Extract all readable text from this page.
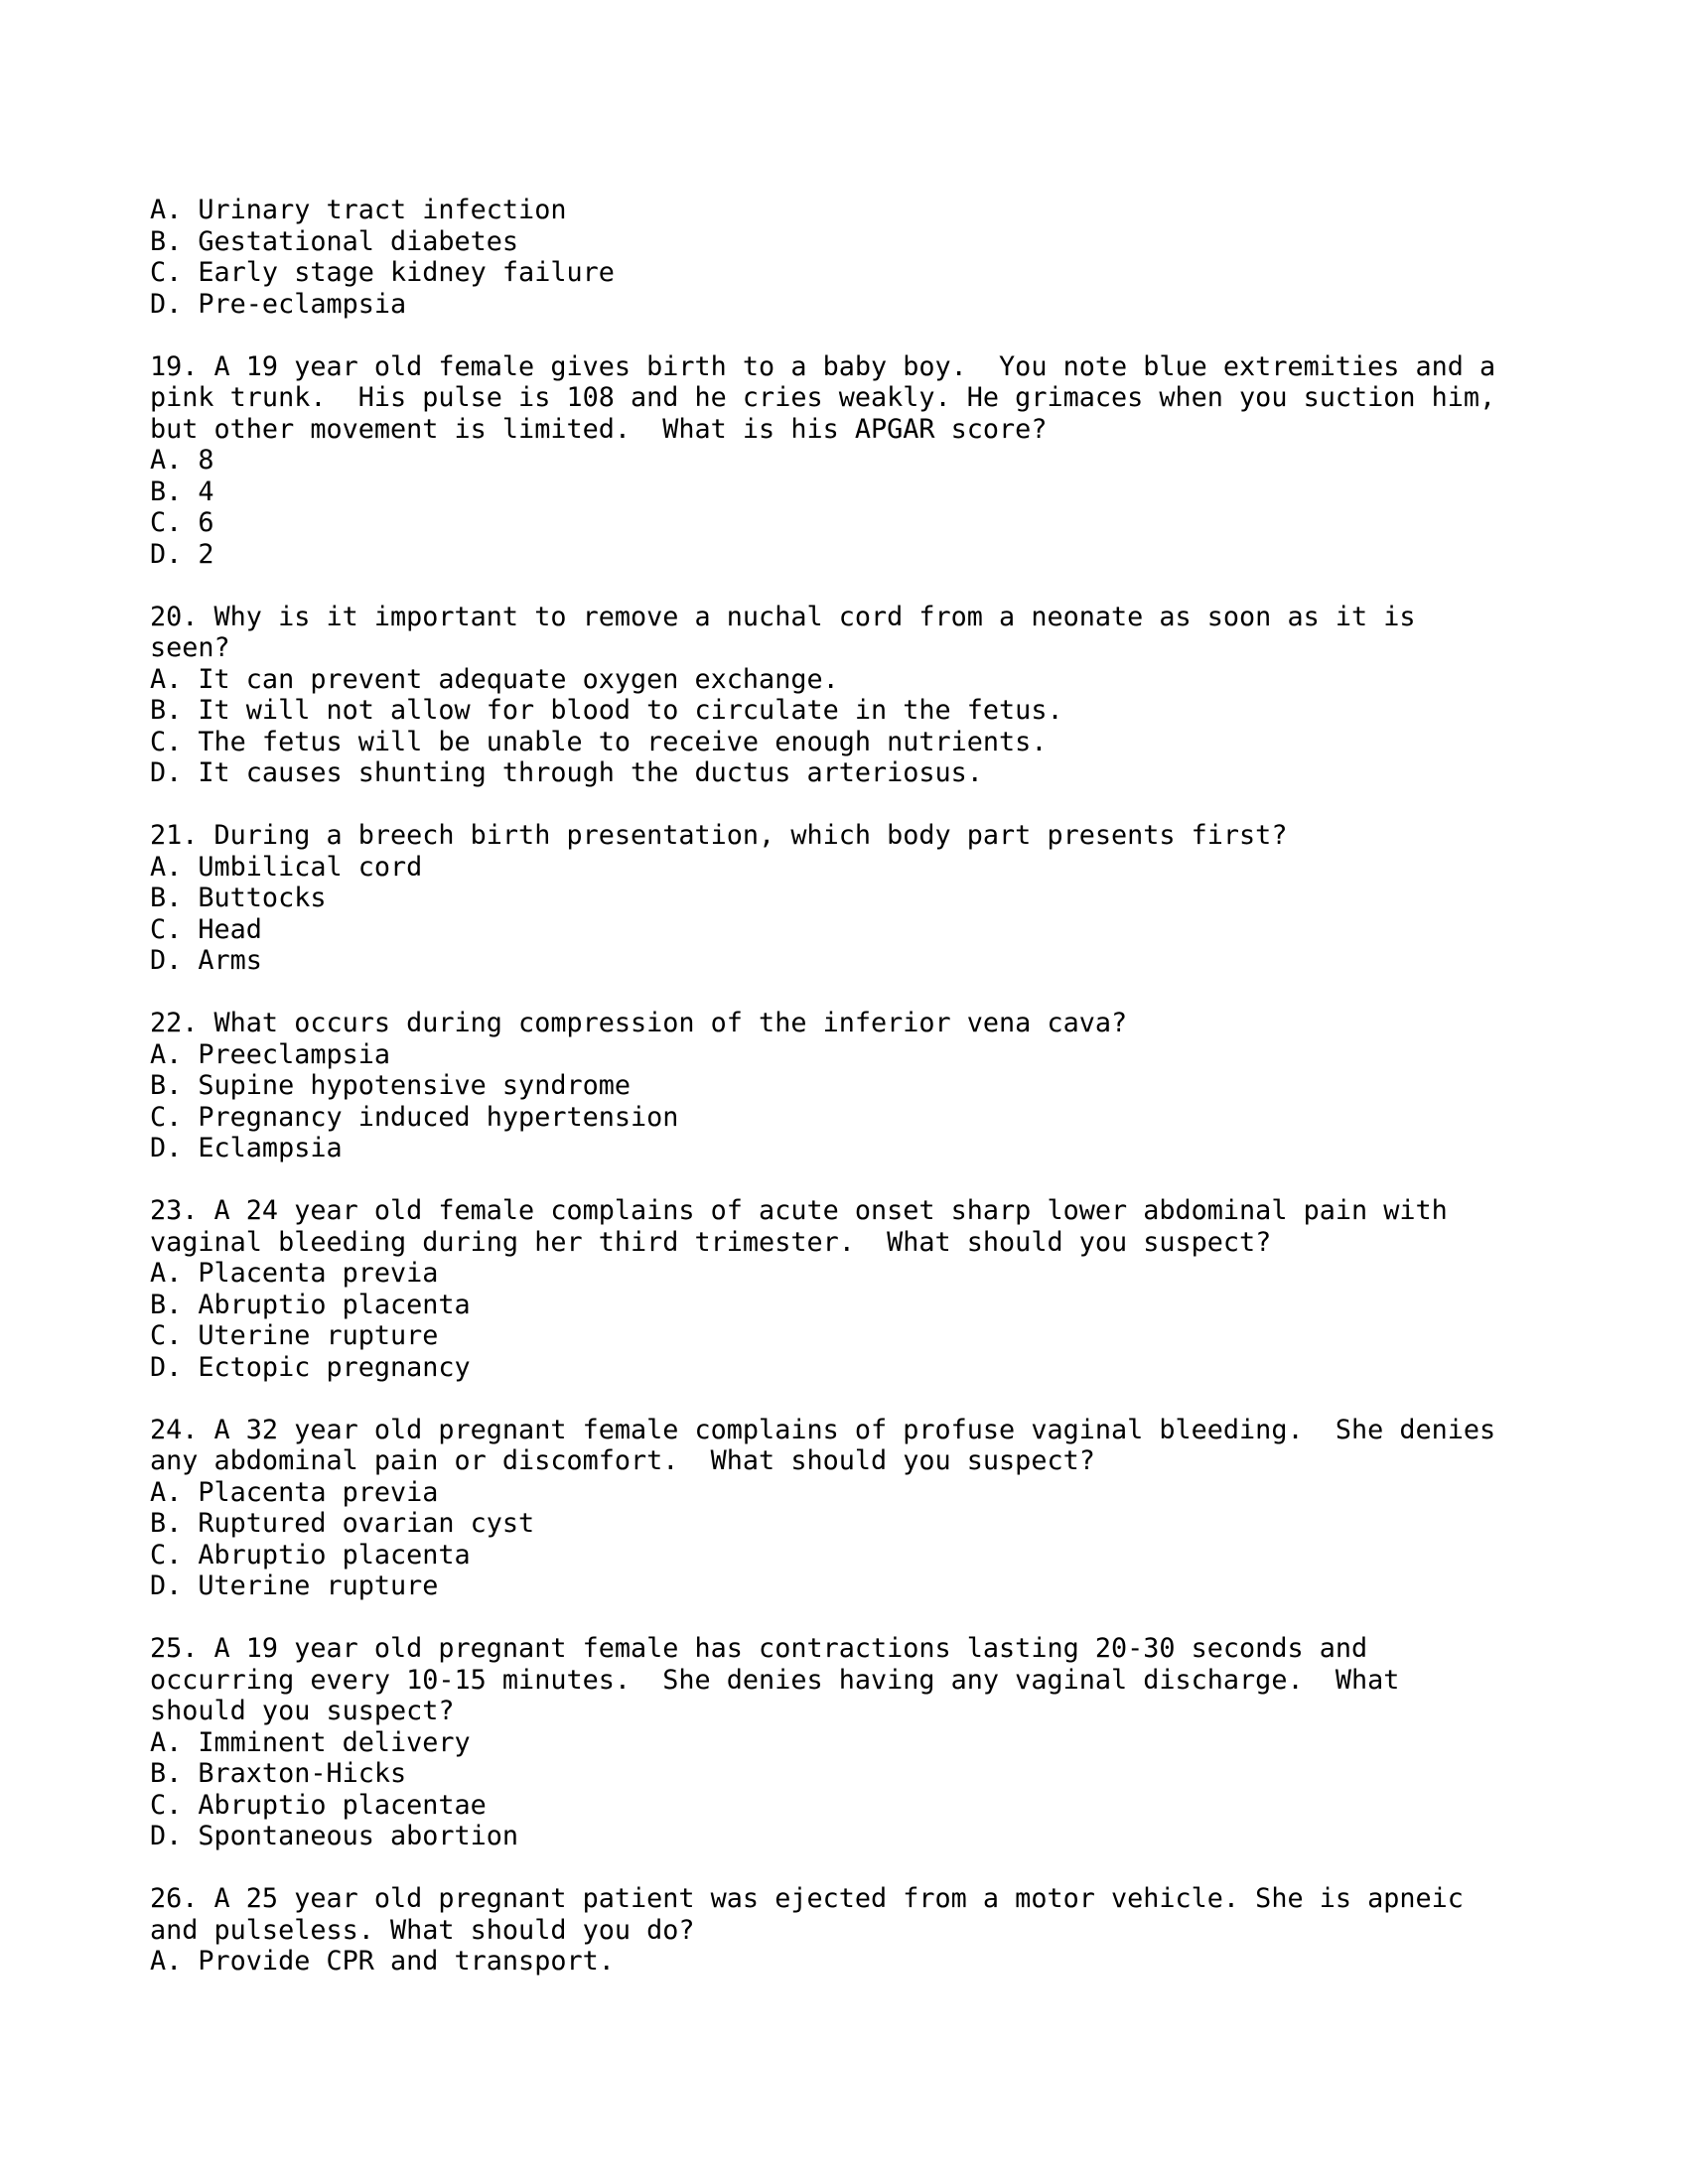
A. Urinary tract infection
B. Gestational diabetes
C. Early stage kidney failure
D. Pre-eclampsia
19. A 19 year old female gives birth to a baby boy.  You note blue extremities and a
pink trunk.  His pulse is 108 and he cries weakly. He grimaces when you suction him,
but other movement is limited.  What is his APGAR score?
A. 8
B. 4
C. 6
D. 2
20. Why is it important to remove a nuchal cord from a neonate as soon as it is
seen?
A. It can prevent adequate oxygen exchange.
B. It will not allow for blood to circulate in the fetus.
C. The fetus will be unable to receive enough nutrients.
D. It causes shunting through the ductus arteriosus.
21. During a breech birth presentation, which body part presents first?
A. Umbilical cord
B. Buttocks
C. Head
D. Arms
22. What occurs during compression of the inferior vena cava?
A. Preeclampsia
B. Supine hypotensive syndrome
C. Pregnancy induced hypertension
D. Eclampsia
23. A 24 year old female complains of acute onset sharp lower abdominal pain with
vaginal bleeding during her third trimester.  What should you suspect?
A. Placenta previa
B. Abruptio placenta
C. Uterine rupture
D. Ectopic pregnancy
24. A 32 year old pregnant female complains of profuse vaginal bleeding.  She denies
any abdominal pain or discomfort.  What should you suspect?
A. Placenta previa
B. Ruptured ovarian cyst
C. Abruptio placenta
D. Uterine rupture
25. A 19 year old pregnant female has contractions lasting 20-30 seconds and
occurring every 10-15 minutes.  She denies having any vaginal discharge.  What
should you suspect?
A. Imminent delivery
B. Braxton-Hicks
C. Abruptio placentae
D. Spontaneous abortion
26. A 25 year old pregnant patient was ejected from a motor vehicle. She is apneic
and pulseless. What should you do?
A. Provide CPR and transport.
